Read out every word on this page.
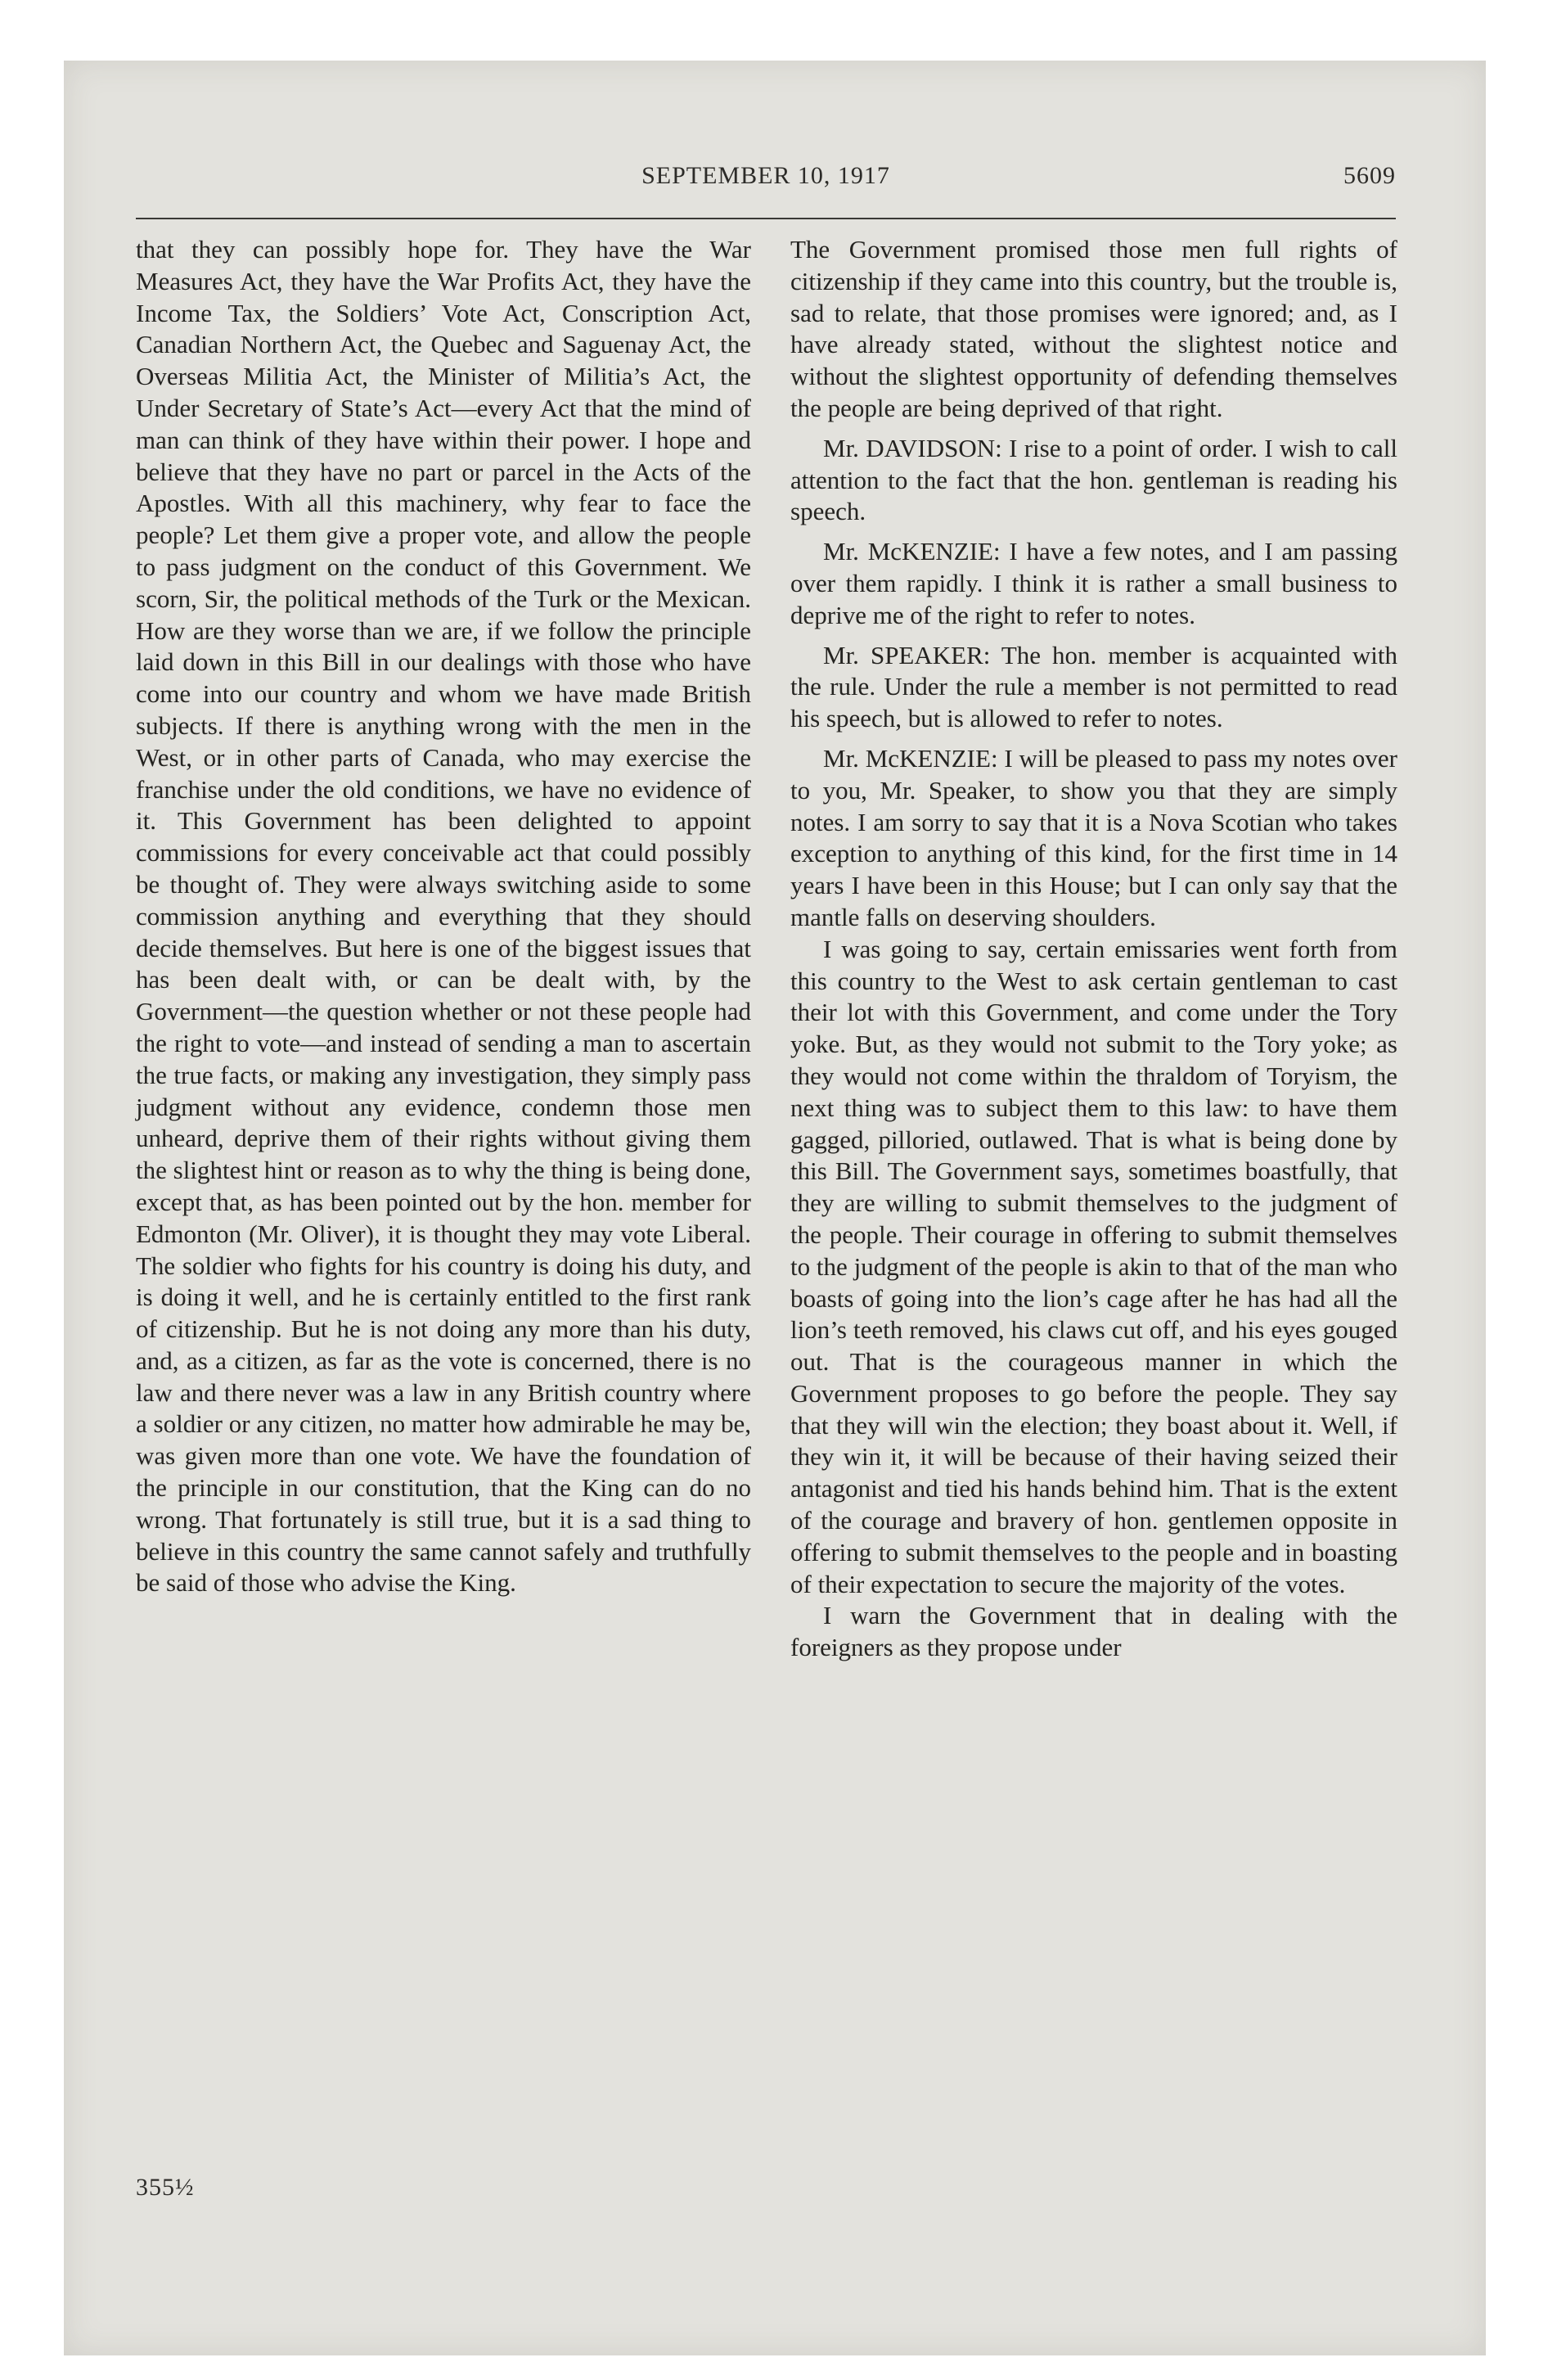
SEPTEMBER 10, 1917	5609

that they can possibly hope for. They have the War Measures Act, they have the War Profits Act, they have the Income Tax, the Soldiers’ Vote Act, Conscription Act, Canadian Northern Act, the Quebec and Saguenay Act, the Overseas Militia Act, the Minister of Militia’s Act, the Under Secretary of State’s Act—every Act that the mind of man can think of they have within their power. I hope and believe that they have no part or parcel in the Acts of the Apostles. With all this machinery, why fear to face the people? Let them give a proper vote, and allow the people to pass judgment on the conduct of this Government. We scorn, Sir, the political methods of the Turk or the Mexican. How are they worse than we are, if we follow the principle laid down in this Bill in our dealings with those who have come into our country and whom we have made British subjects. If there is anything wrong with the men in the West, or in other parts of Canada, who may exercise the franchise under the old conditions, we have no evidence of it. This Government has been delighted to appoint commissions for every conceivable act that could possibly be thought of. They were always switching aside to some commission anything and everything that they should decide themselves. But here is one of the biggest issues that has been dealt with, or can be dealt with, by the Government—the question whether or not these people had the right to vote—and instead of sending a man to ascertain the true facts, or making any investigation, they simply pass judgment without any evidence, condemn those men unheard, deprive them of their rights without giving them the slightest hint or reason as to why the thing is being done, except that, as has been pointed out by the hon. member for Edmonton (Mr. Oliver), it is thought they may vote Liberal. The soldier who fights for his country is doing his duty, and is doing it well, and he is certainly entitled to the first rank of citizenship. But he is not doing any more than his duty, and, as a citizen, as far as the vote is concerned, there is no law and there never was a law in any British country where a soldier or any citizen, no matter how admirable he may be, was given more than one vote. We have the foundation of the principle in our constitution, that the King can do no wrong. That fortunately is still true, but it is a sad thing to believe in this country the same cannot safely and truthfully be said of those who advise the King.

The Government promised those men full rights of citizenship if they came into this country, but the trouble is, sad to relate, that those promises were ignored; and, as I have already stated, without the slightest notice and without the slightest opportunity of defending themselves the people are being deprived of that right.

Mr. DAVIDSON: I rise to a point of order. I wish to call attention to the fact that the hon. gentleman is reading his speech.

Mr. McKENZIE: I have a few notes, and I am passing over them rapidly. I think it is rather a small business to deprive me of the right to refer to notes.

Mr. SPEAKER: The hon. member is acquainted with the rule. Under the rule a member is not permitted to read his speech, but is allowed to refer to notes.

Mr. McKENZIE: I will be pleased to pass my notes over to you, Mr. Speaker, to show you that they are simply notes. I am sorry to say that it is a Nova Scotian who takes exception to anything of this kind, for the first time in 14 years I have been in this House; but I can only say that the mantle falls on deserving shoulders.

I was going to say, certain emissaries went forth from this country to the West to ask certain gentleman to cast their lot with this Government, and come under the Tory yoke. But, as they would not submit to the Tory yoke; as they would not come within the thraldom of Toryism, the next thing was to subject them to this law: to have them gagged, pilloried, outlawed. That is what is being done by this Bill. The Government says, sometimes boastfully, that they are willing to submit themselves to the judgment of the people. Their courage in offering to submit themselves to the judgment of the people is akin to that of the man who boasts of going into the lion’s cage after he has had all the lion’s teeth removed, his claws cut off, and his eyes gouged out. That is the courageous manner in which the Government proposes to go before the people. They say that they will win the election; they boast about it. Well, if they win it, it will be because of their having seized their antagonist and tied his hands behind him. That is the extent of the courage and bravery of hon. gentlemen opposite in offering to submit themselves to the people and in boasting of their expectation to secure the majority of the votes.

I warn the Government that in dealing with the foreigners as they propose under

355½
